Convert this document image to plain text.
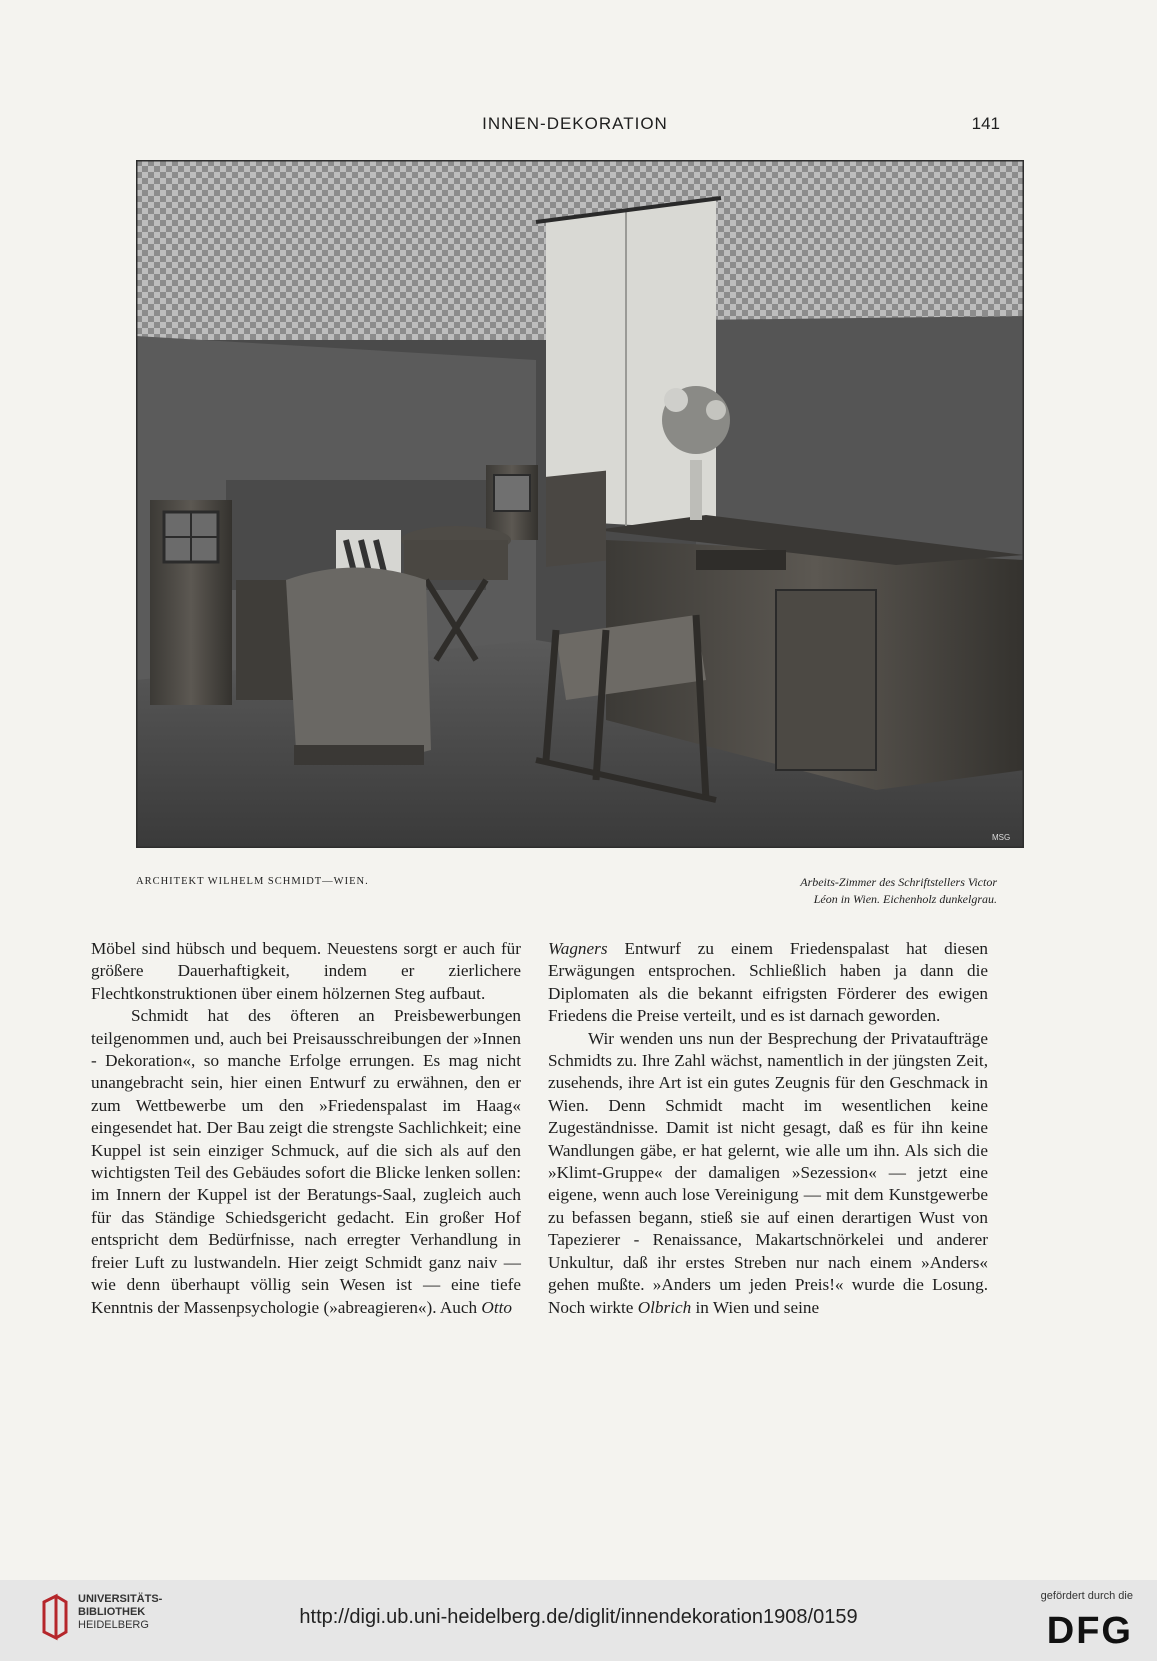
INNEN-DEKORATION	141
MSG
ARCHITEKT WILHELM SCHMIDT—WIEN.	Arbeits-Zimmer des Schriftstellers Victor
Léon in Wien. Eichenholz dunkelgrau.

Möbel sind hübsch und bequem. Neuestens sorgt er auch für größere Dauerhaftigkeit, indem er zierlichere Flechtkonstruktionen über einem hölzernen Steg aufbaut.

Schmidt hat des öfteren an Preisbewerbungen teilgenommen und, auch bei Preisausschreibungen der »Innen - Dekoration«, so manche Erfolge errungen. Es mag nicht unangebracht sein, hier einen Entwurf zu erwähnen, den er zum Wettbewerbe um den »Friedenspalast im Haag« eingesendet hat. Der Bau zeigt die strengste Sachlichkeit; eine Kuppel ist sein einziger Schmuck, auf die sich als auf den wichtigsten Teil des Gebäudes sofort die Blicke lenken sollen: im Innern der Kuppel ist der Beratungs-Saal, zugleich auch für das Ständige Schiedsgericht gedacht. Ein großer Hof entspricht dem Bedürfnisse, nach erregter Verhandlung in freier Luft zu lustwandeln. Hier zeigt Schmidt ganz naiv — wie denn überhaupt völlig sein Wesen ist — eine tiefe Kenntnis der Massenpsychologie (»abreagieren«). Auch Otto

Wagners Entwurf zu einem Friedenspalast hat diesen Erwägungen entsprochen. Schließlich haben ja dann die Diplomaten als die bekannt eifrigsten Förderer des ewigen Friedens die Preise verteilt, und es ist darnach geworden.

Wir wenden uns nun der Besprechung der Privataufträge Schmidts zu. Ihre Zahl wächst, namentlich in der jüngsten Zeit, zusehends, ihre Art ist ein gutes Zeugnis für den Geschmack in Wien. Denn Schmidt macht im wesentlichen keine Zugeständnisse. Damit ist nicht gesagt, daß es für ihn keine Wandlungen gäbe, er hat gelernt, wie alle um ihn. Als sich die »Klimt-Gruppe« der damaligen »Sezession« — jetzt eine eigene, wenn auch lose Vereinigung — mit dem Kunstgewerbe zu befassen begann, stieß sie auf einen derartigen Wust von Tapezierer - Renaissance, Makartschnörkelei und anderer Unkultur, daß ihr erstes Streben nur nach einem »Anders« gehen mußte. »Anders um jeden Preis!« wurde die Losung. Noch wirkte Olbrich in Wien und seine

UNIVERSITÄTS-
BIBLIOTHEK
HEIDELBERG	http://digi.ub.uni-heidelberg.de/diglit/innendekoration1908/0159
gefördert durch die
DFG
